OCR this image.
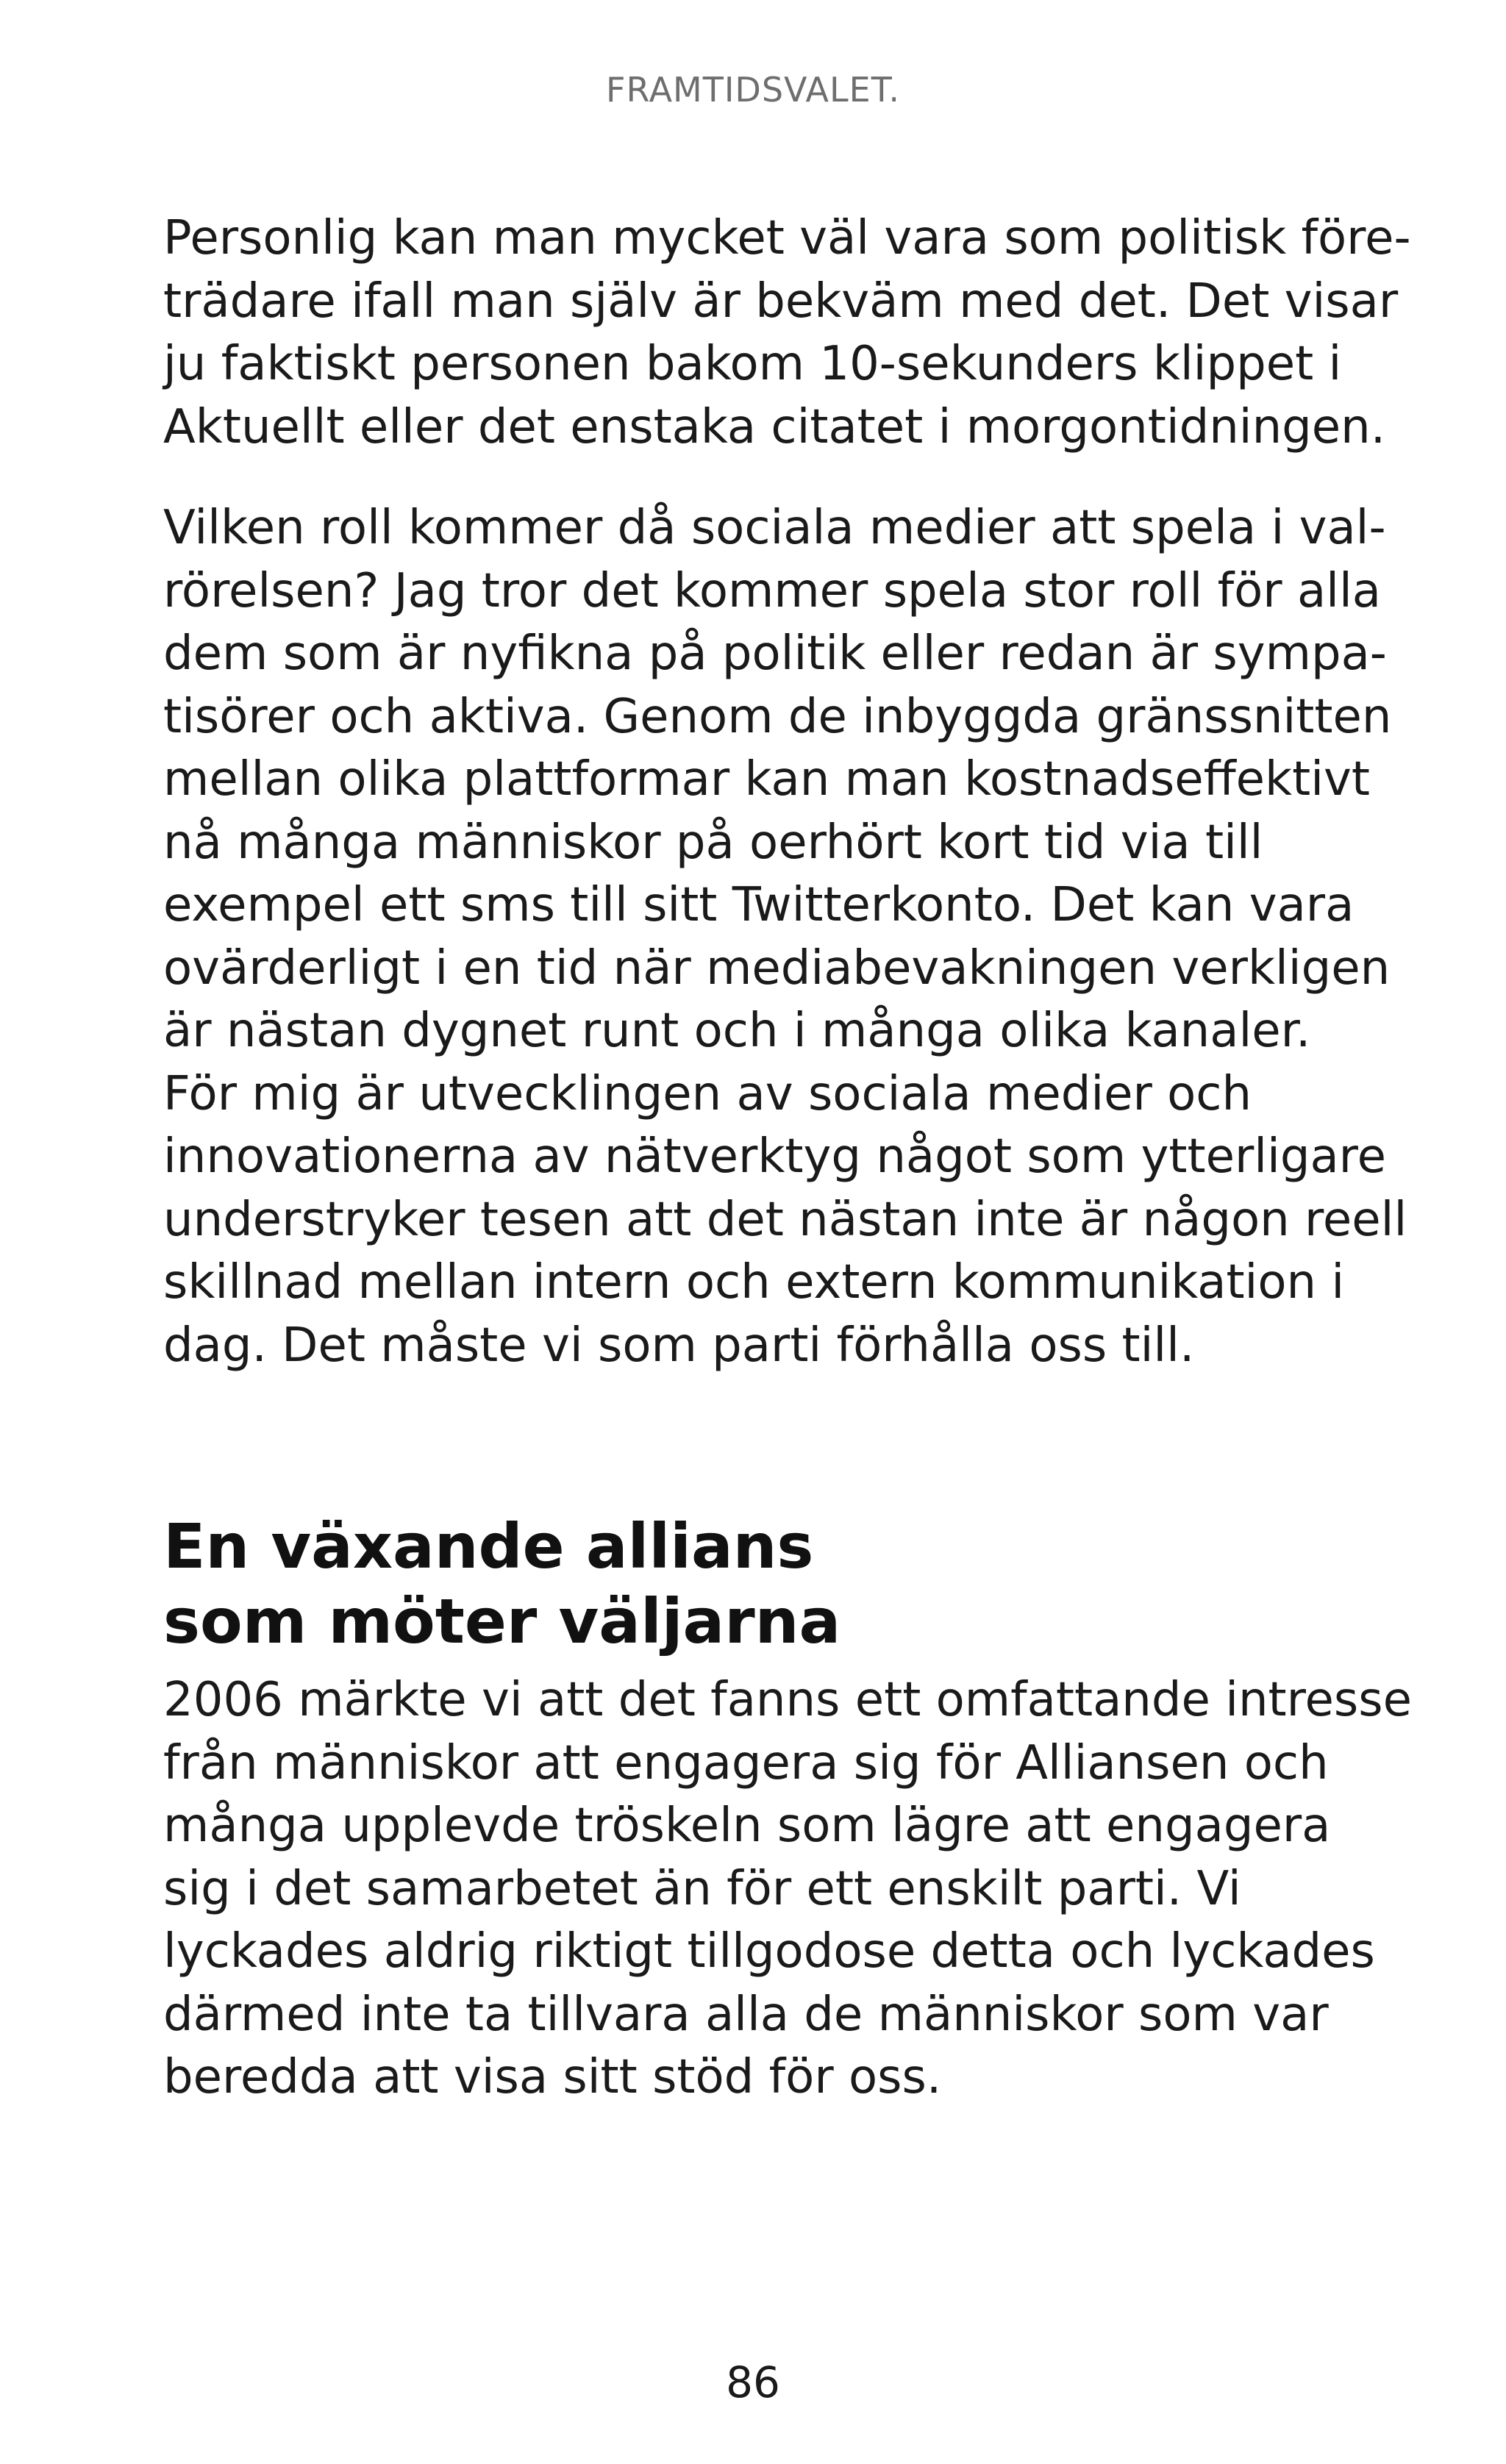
FRAMTIDSVALET.

Personlig kan man mycket väl vara som politisk före-
trädare ifall man själv är bekväm med det. Det visar
ju faktiskt personen bakom 10-sekunders klippet i
Aktuellt eller det enstaka citatet i morgontidningen.

Vilken roll kommer då sociala medier att spela i val-
rörelsen? Jag tror det kommer spela stor roll för alla
dem som är nyfikna på politik eller redan är sympa-
tisörer och aktiva. Genom de inbyggda gränssnitten
mellan olika plattformar kan man kostnadseffektivt
nå många människor på oerhört kort tid via till
exempel ett sms till sitt Twitterkonto. Det kan vara
ovärderligt i en tid när mediabevakningen verkligen
är nästan dygnet runt och i många olika kanaler.
För mig är utvecklingen av sociala medier och
innovationerna av nätverktyg något som ytterligare
understryker tesen att det nästan inte är någon reell
skillnad mellan intern och extern kommunikation i
dag. Det måste vi som parti förhålla oss till.

En växande allians
som möter väljarna

2006 märkte vi att det fanns ett omfattande intresse
från människor att engagera sig för Alliansen och
många upplevde tröskeln som lägre att engagera
sig i det samarbetet än för ett enskilt parti. Vi
lyckades aldrig riktigt tillgodose detta och lyckades
därmed inte ta tillvara alla de människor som var
beredda att visa sitt stöd för oss.

86
